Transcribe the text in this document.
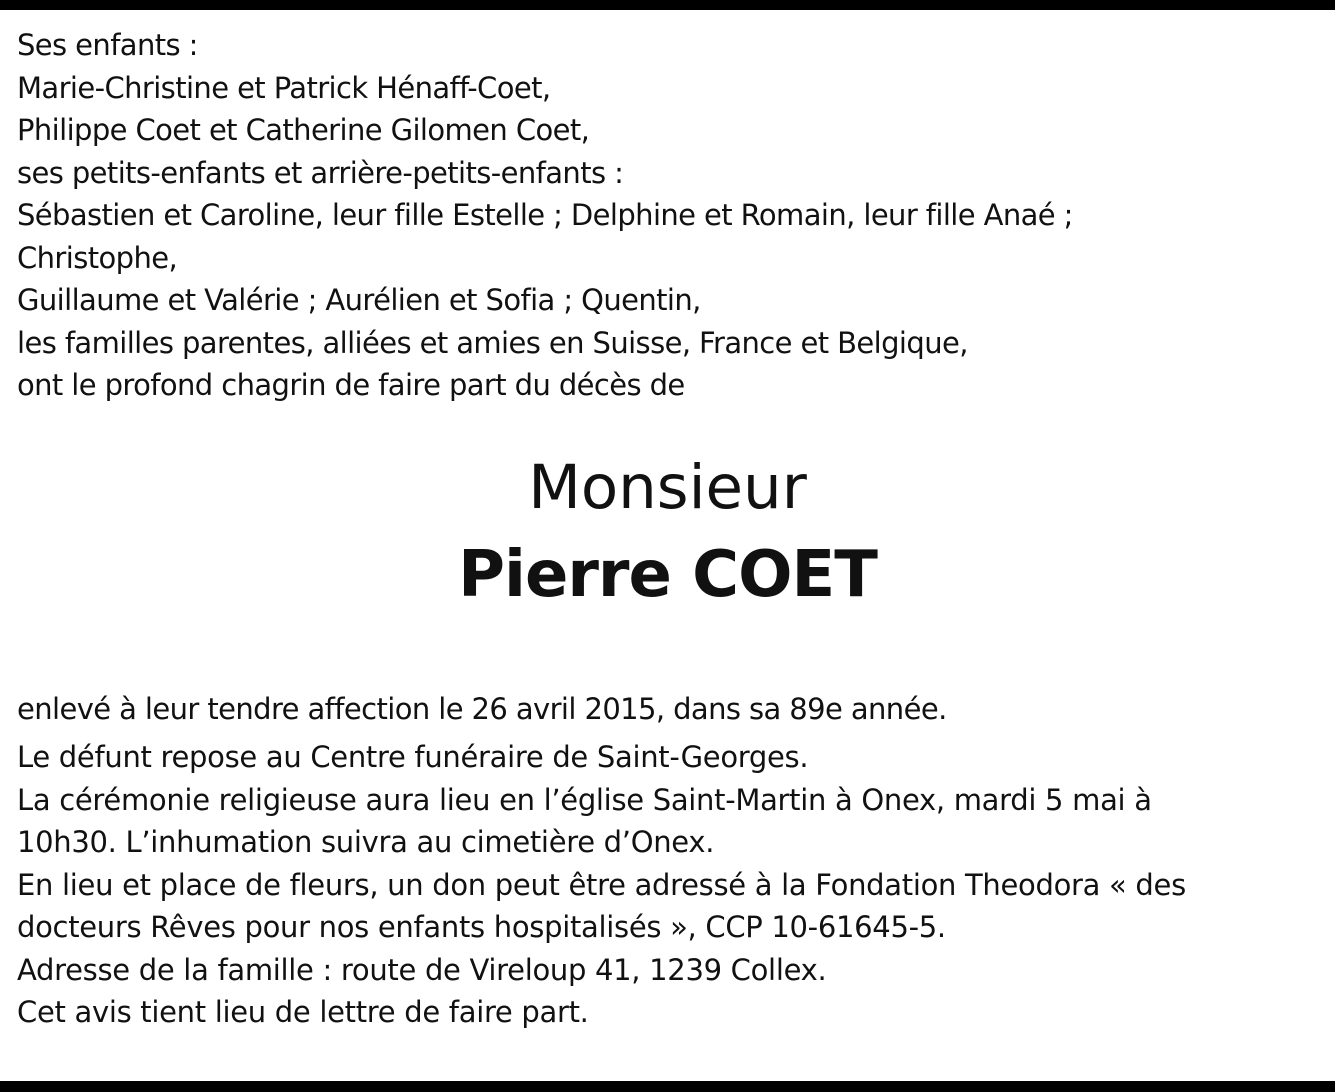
Ses enfants :
Marie-Christine et Patrick Hénaff-Coet,
Philippe Coet et Catherine Gilomen Coet,
ses petits-enfants et arrière-petits-enfants :
Sébastien et Caroline, leur fille Estelle ; Delphine et Romain, leur fille Anaé ;
Christophe,
Guillaume et Valérie ; Aurélien et Sofia ; Quentin,
les familles parentes, alliées et amies en Suisse, France et Belgique,
ont le profond chagrin de faire part du décès de
Monsieur
Pierre COET
enlevé à leur tendre affection le 26 avril 2015, dans sa 89e année.
Le défunt repose au Centre funéraire de Saint-Georges.
La cérémonie religieuse aura lieu en l’église Saint-Martin à Onex, mardi 5 mai à
10h30. L’inhumation suivra au cimetière d’Onex.
En lieu et place de fleurs, un don peut être adressé à la Fondation Theodora « des
docteurs Rêves pour nos enfants hospitalisés », CCP 10-61645-5.
Adresse de la famille : route de Vireloup 41, 1239 Collex.
Cet avis tient lieu de lettre de faire part.
